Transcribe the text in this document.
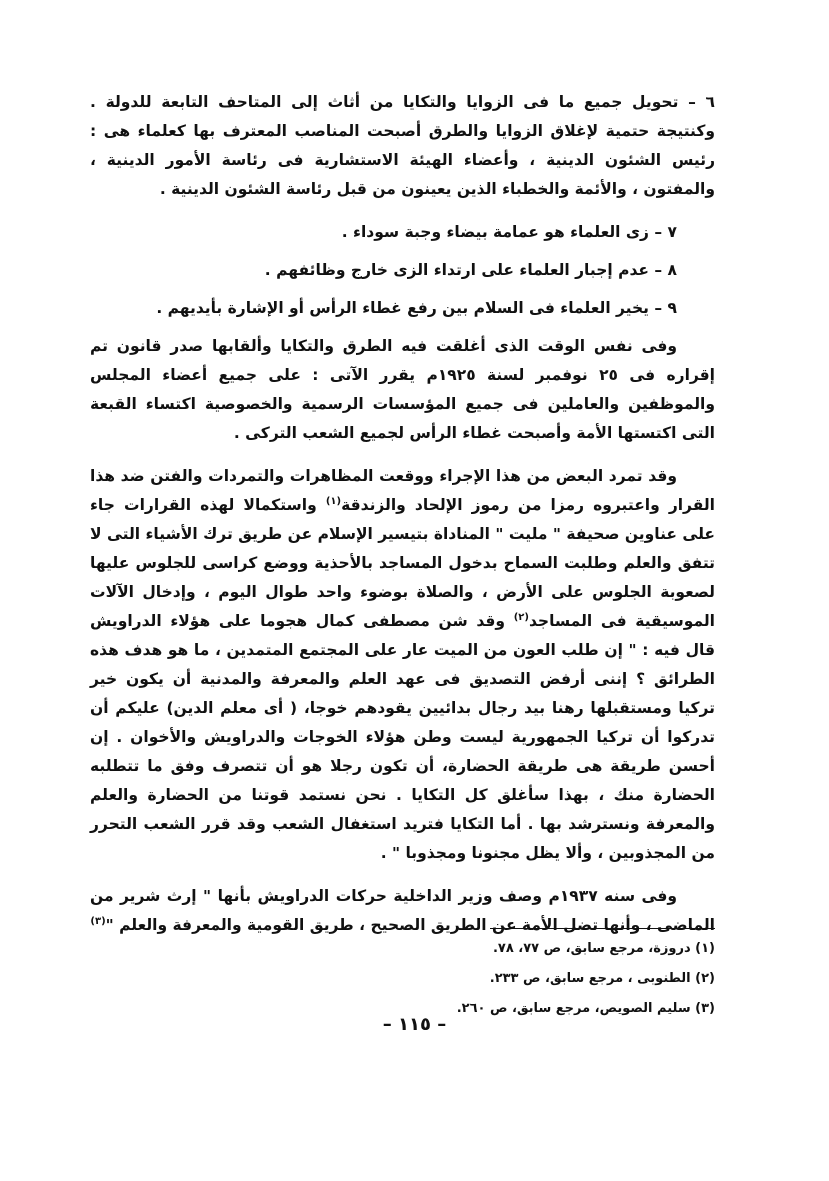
٦ – تحويل جميع ما فى الزوايا والتكايا من أثاث إلى المتاحف التابعة للدولة . وكنتيجة حتمية لإغلاق الزوايا والطرق أصبحت المناصب المعترف بها كعلماء هى : رئيس الشئون الدينية ، وأعضاء الهيئة الاستشارية فى رئاسة الأمور الدينية ، والمفتون ، والأئمة والخطباء الذين يعينون من قبل رئاسة الشئون الدينية .

٧ – زى العلماء هو عمامة بيضاء وجبة سوداء .

٨ – عدم إجبار العلماء على ارتداء الزى خارج وظائفهم .

٩ – يخير العلماء فى السلام بين رفع غطاء الرأس أو الإشارة بأيديهم .

وفى نفس الوقت الذى أغلقت فيه الطرق والتكايا وألقابها صدر قانون تم إقراره فى ٢٥ نوفمبر لسنة ١٩٢٥م يقرر الآتى : على جميع أعضاء المجلس والموظفين والعاملين فى جميع المؤسسات الرسمية والخصوصية اكتساء القبعة التى اكتستها الأمة وأصبحت غطاء الرأس لجميع الشعب التركى .

وقد تمرد البعض من هذا الإجراء ووقعت المظاهرات والتمردات والفتن ضد هذا القرار واعتبروه رمزا من رموز الإلحاد والزندقة$^{(١)}$ واستكمالا لهذه القرارات جاء على عناوين صحيفة " مليت " المناداة بتيسير الإسلام عن طريق ترك الأشياء التى لا تتفق والعلم وطلبت السماح بدخول المساجد بالأحذية ووضع كراسى للجلوس عليها لصعوبة الجلوس على الأرض ، والصلاة بوضوء واحد طوال اليوم ، وإدخال الآلات الموسيقية فى المساجد$^{(٢)}$ وقد شن مصطفى كمال هجوما على هؤلاء الدراويش قال فيه : " إن طلب العون من الميت عار على المجتمع المتمدين ، ما هو هدف هذه الطرائق ؟ إننى أرفض التصديق فى عهد العلم والمعرفة والمدنية أن يكون خير تركيا ومستقبلها رهنا بيد رجال بدائيين يقودهم خوجا، ( أى معلم الدين) عليكم أن تدركوا أن تركيا الجمهورية ليست وطن هؤلاء الخوجات والدراويش والأخوان . إن أحسن طريقة هى طريقة الحضارة، أن تكون رجلا هو أن تتصرف وفق ما تتطلبه الحضارة منك ، بهذا سأغلق كل التكايا . نحن نستمد قوتنا من الحضارة والعلم والمعرفة ونسترشد بها . أما التكايا فتريد استغفال الشعب وقد قرر الشعب التحرر من المجذوبين ، وألا يظل مجنونا ومجذوبا " .

وفى سنه ١٩٣٧م وصف وزير الداخلية حركات الدراويش بأنها " إرث شرير من الماضى ، وأنها تضل الأمة عن الطريق الصحيح ، طريق القومية والمعرفة والعلم "$^{(٣)}$

(١) دروزة، مرجع سابق، ص ٧٧، ٧٨.

(٢) الطنوبى ، مرجع سابق، ص ٢٣٣.

(٣) سليم الصويص، مرجع سابق، ص ٢٦٠.

– ١١٥ –
